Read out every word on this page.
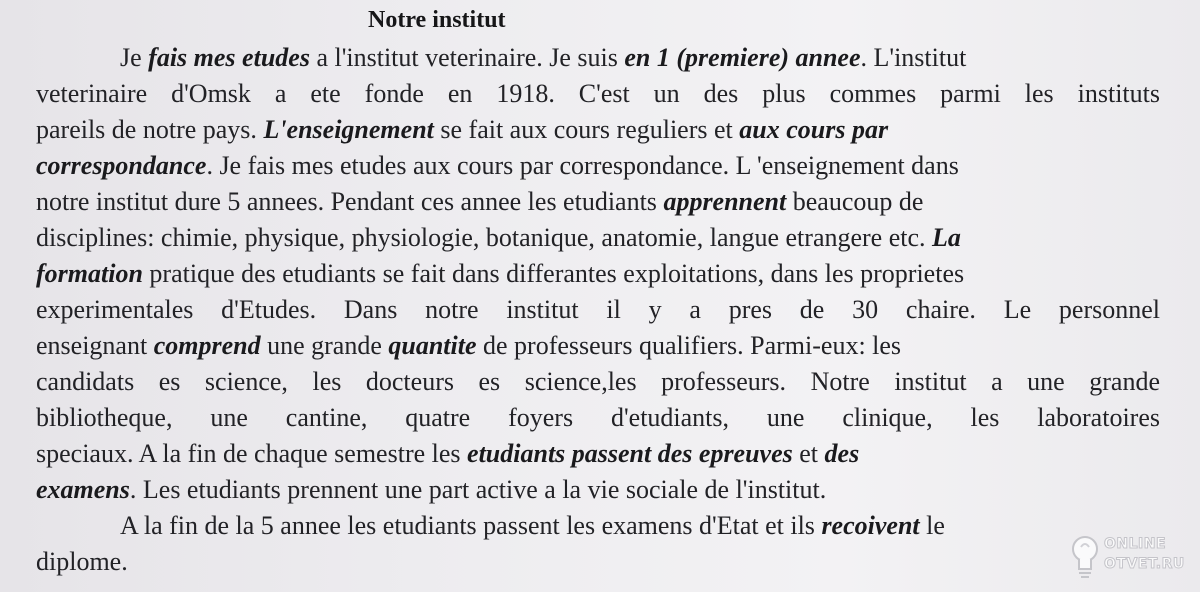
Notre institut
Je fais mes etudes a l'institut veterinaire. Je suis en 1 (premiere) annee. L'institut
veterinaire d'Omsk a ete fonde en 1918. C'est un des plus commes parmi les instituts
pareils de notre pays. L'enseignement se fait aux cours reguliers et aux cours par
correspondance. Je fais mes etudes aux cours par correspondance. L 'enseignement dans
notre institut dure 5 annees. Pendant ces annee les etudiants apprennent beaucoup de
disciplines: chimie, physique, physiologie, botanique, anatomie, langue etrangere etc. La
formation pratique des etudiants se fait dans differantes exploitations, dans les proprietes
experimentales d'Etudes. Dans notre institut il y a pres de 30 chaire. Le personnel
enseignant comprend une grande quantite de professeurs qualifiers. Parmi-eux: les
candidats es science, les docteurs es science,les professeurs. Notre institut a une grande
bibliotheque, une cantine, quatre foyers d'etudiants, une clinique, les laboratoires
speciaux. A la fin de chaque semestre les etudiants passent des epreuves et des
examens. Les etudiants prennent une part active a la vie sociale de l'institut.
A la fin de la 5 annee les etudiants passent les examens d'Etat et ils recoivent le
diplome.
ONLINE
OTVET.RU
